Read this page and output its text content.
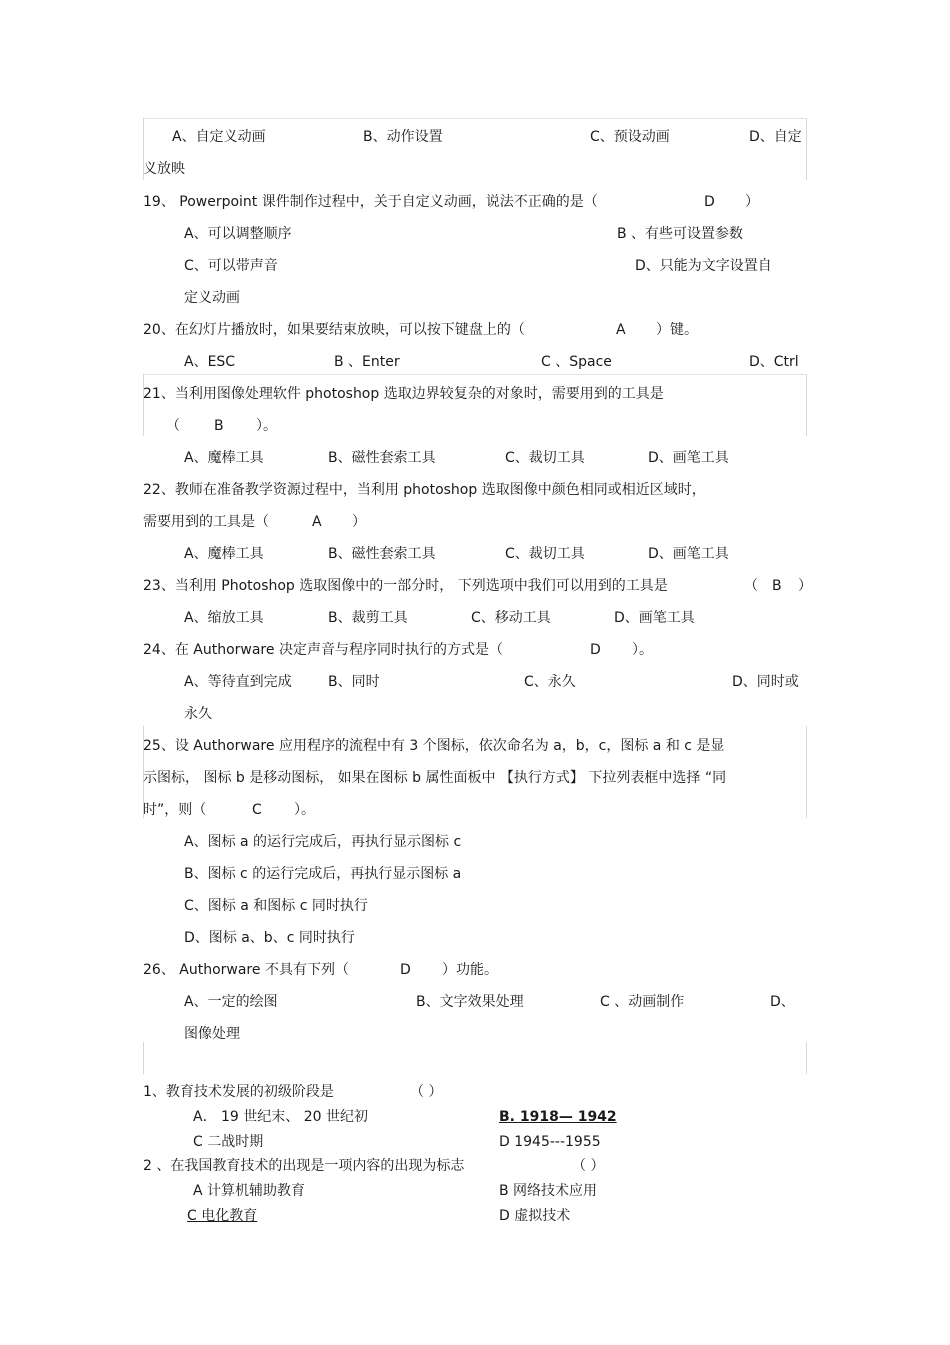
A、自定义动画	B、动作设置	C、预设动画	D、自定
义放映
19、 Powerpoint 课件制作过程中，关于自定义动画，说法不正确的是（	D ）
A、可以调整顺序	B 、有些可设置参数
C、可以带声音	D、只能为文字设置自
定义动画
20、在幻灯片播放时，如果要结束放映，可以按下键盘上的（	A ）键。
A、ESC	B 、Enter	C 、Space	D、Ctrl
21、当利用图像处理软件 photoshop 选取边界较复杂的对象时，需要用到的工具是
（ B ）。
A、魔棒工具	B、磁性套索工具	C、裁切工具	D、画笔工具
22、教师在准备教学资源过程中，当利用 photoshop 选取图像中颜色相同或相近区域时，
需要用到的工具是（	A ）
A、魔棒工具	B、磁性套索工具	C、裁切工具	D、画笔工具
23、当利用 Photoshop 选取图像中的一部分时， 下列选项中我们可以用到的工具是	（ B ）
A、缩放工具	B、裁剪工具	C、移动工具	D、画笔工具
24、在 Authorware 决定声音与程序同时执行的方式是（	D ）。
A、等待直到完成	B、同时	C、永久	D、同时或
永久
25、设 Authorware 应用程序的流程中有 3 个图标，依次命名为 a，b，c，图标 a 和 c 是显
示图标， 图标 b 是移动图标， 如果在图标 b 属性面板中 【执行方式】 下拉列表框中选择 “同
时”，则（	C ）。
A、图标 a 的运行完成后，再执行显示图标 c
B、图标 c 的运行完成后，再执行显示图标 a
C、图标 a 和图标 c 同时执行
D、图标 a、b、c 同时执行
26、 Authorware 不具有下列（	D ）功能。
A、一定的绘图	B、文字效果处理	C 、动画制作	D、
图像处理
1、教育技术发展的初级阶段是	（ ）
A． 19 世纪末、 20 世纪初	B. 1918— 1942
C 二战时期	D 1945---1955
2 、在我国教育技术的出现是一项内容的出现为标志	（ ）
A 计算机辅助教育	B 网络技术应用
C 电化教育	D 虚拟技术
